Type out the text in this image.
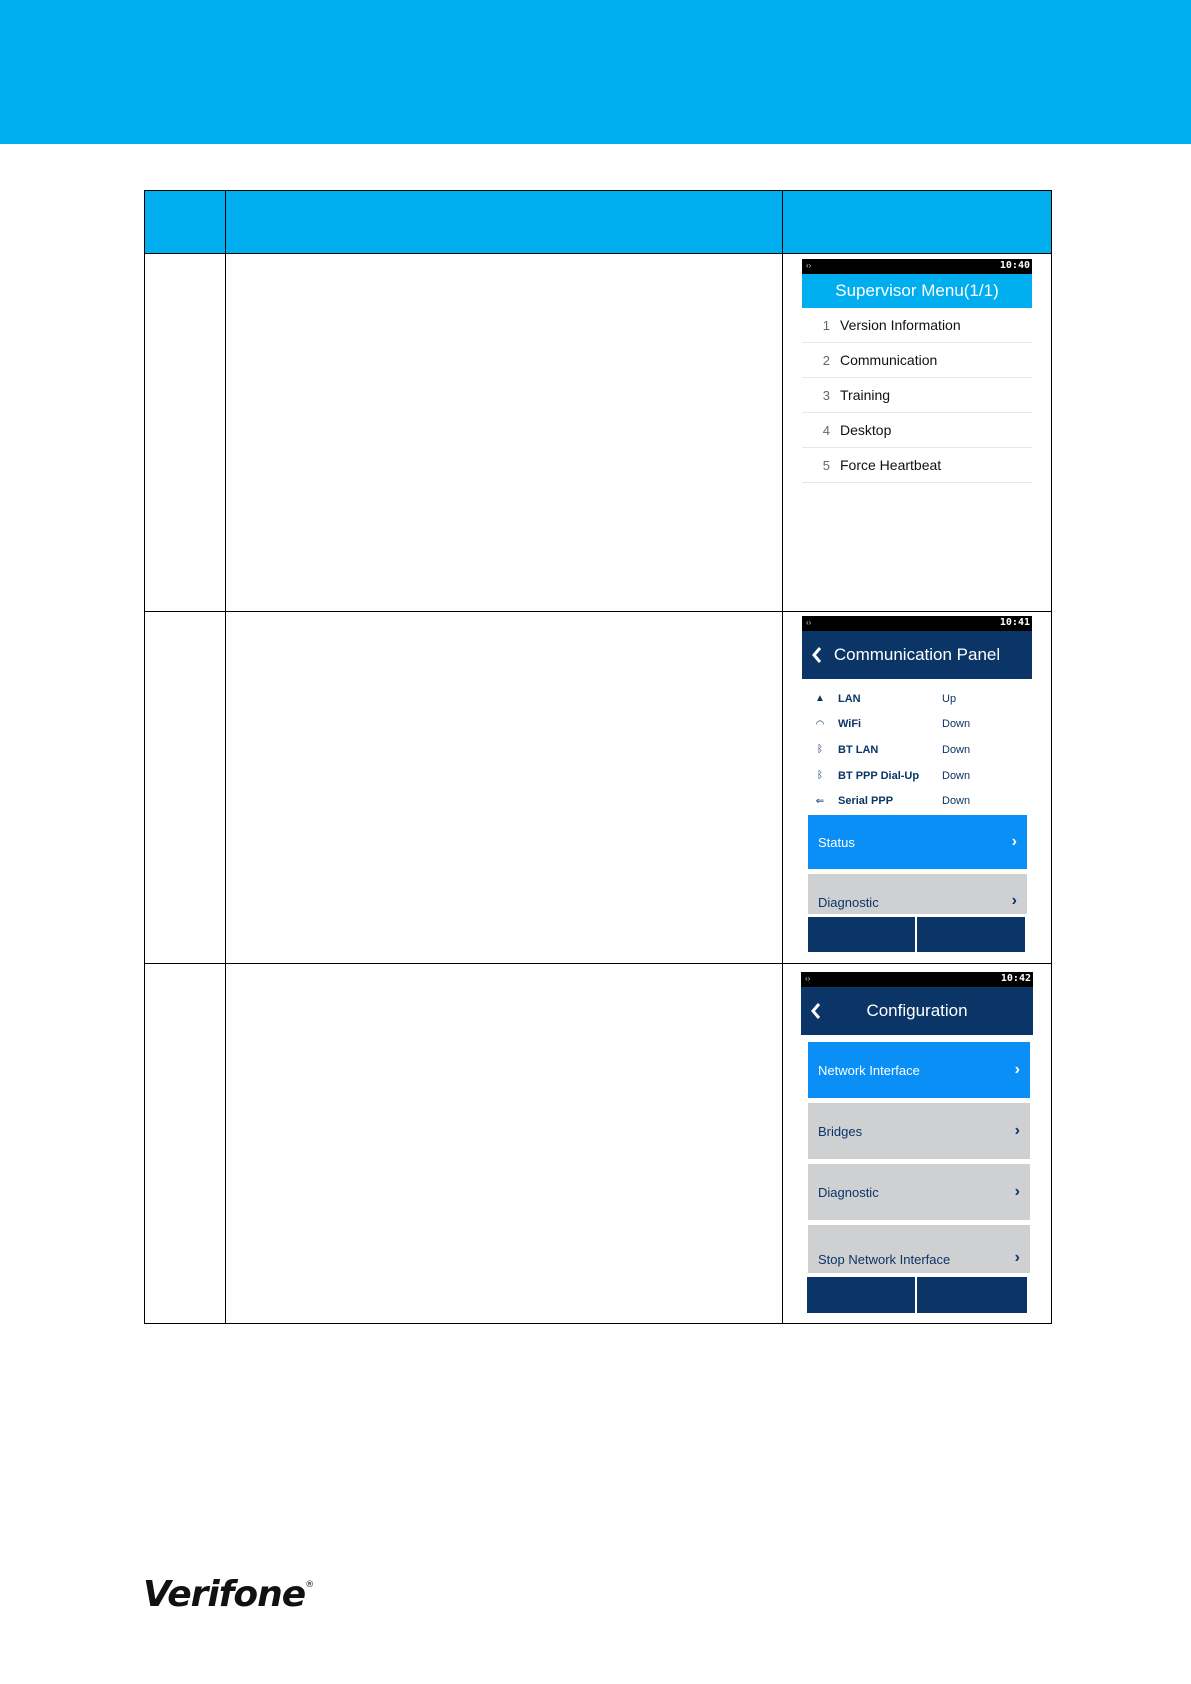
‹›	10:40
Supervisor Menu(1/1)
1 Version Information
2 Communication
3 Training
4 Desktop
5 Force Heartbeat
‹›	10:41
Communication Panel
▲	LAN	Up
◠	WiFi	Down
ᛒ	BT LAN	Down
ᛒ	BT PPP Dial-Up	Down
⇐	Serial PPP	Down
Status	›
Diagnostic	›
‹›	10:42
Configuration
Network Interface	›
Bridges	›
Diagnostic	›
Stop Network Interface	›
Verifone®
